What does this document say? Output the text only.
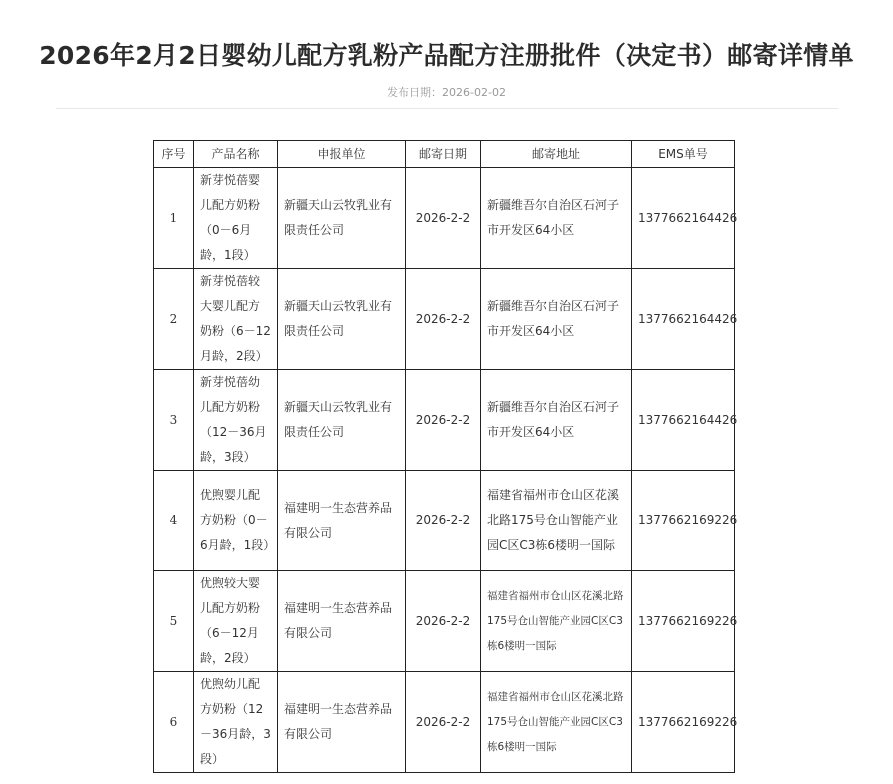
2026年2月2日婴幼儿配方乳粉产品配方注册批件（决定书）邮寄详情单
发布日期：2026-02-02
序号	产品名称	申报单位	邮寄日期	邮寄地址	EMS单号
1	新芽悦蓓婴儿配方奶粉（0－6月龄，1段）	新疆天山云牧乳业有限责任公司	2026-2-2	新疆维吾尔自治区石河子市开发区64小区	1377662164426
2	新芽悦蓓较大婴儿配方奶粉（6－12月龄，2段）	新疆天山云牧乳业有限责任公司	2026-2-2	新疆维吾尔自治区石河子市开发区64小区	1377662164426
3	新芽悦蓓幼儿配方奶粉（12－36月龄，3段）	新疆天山云牧乳业有限责任公司	2026-2-2	新疆维吾尔自治区石河子市开发区64小区	1377662164426
4	优煦婴儿配方奶粉（0－6月龄，1段）	福建明一生态营养品有限公司	2026-2-2	福建省福州市仓山区花溪北路175号仓山智能产业园C区C3栋6楼明一国际	1377662169226
5	优煦较大婴儿配方奶粉（6－12月龄，2段）	福建明一生态营养品有限公司	2026-2-2	福建省福州市仓山区花溪北路175号仓山智能产业园C区C3栋6楼明一国际	1377662169226
6	优煦幼儿配方奶粉（12－36月龄，3段）	福建明一生态营养品有限公司	2026-2-2	福建省福州市仓山区花溪北路175号仓山智能产业园C区C3栋6楼明一国际	1377662169226
